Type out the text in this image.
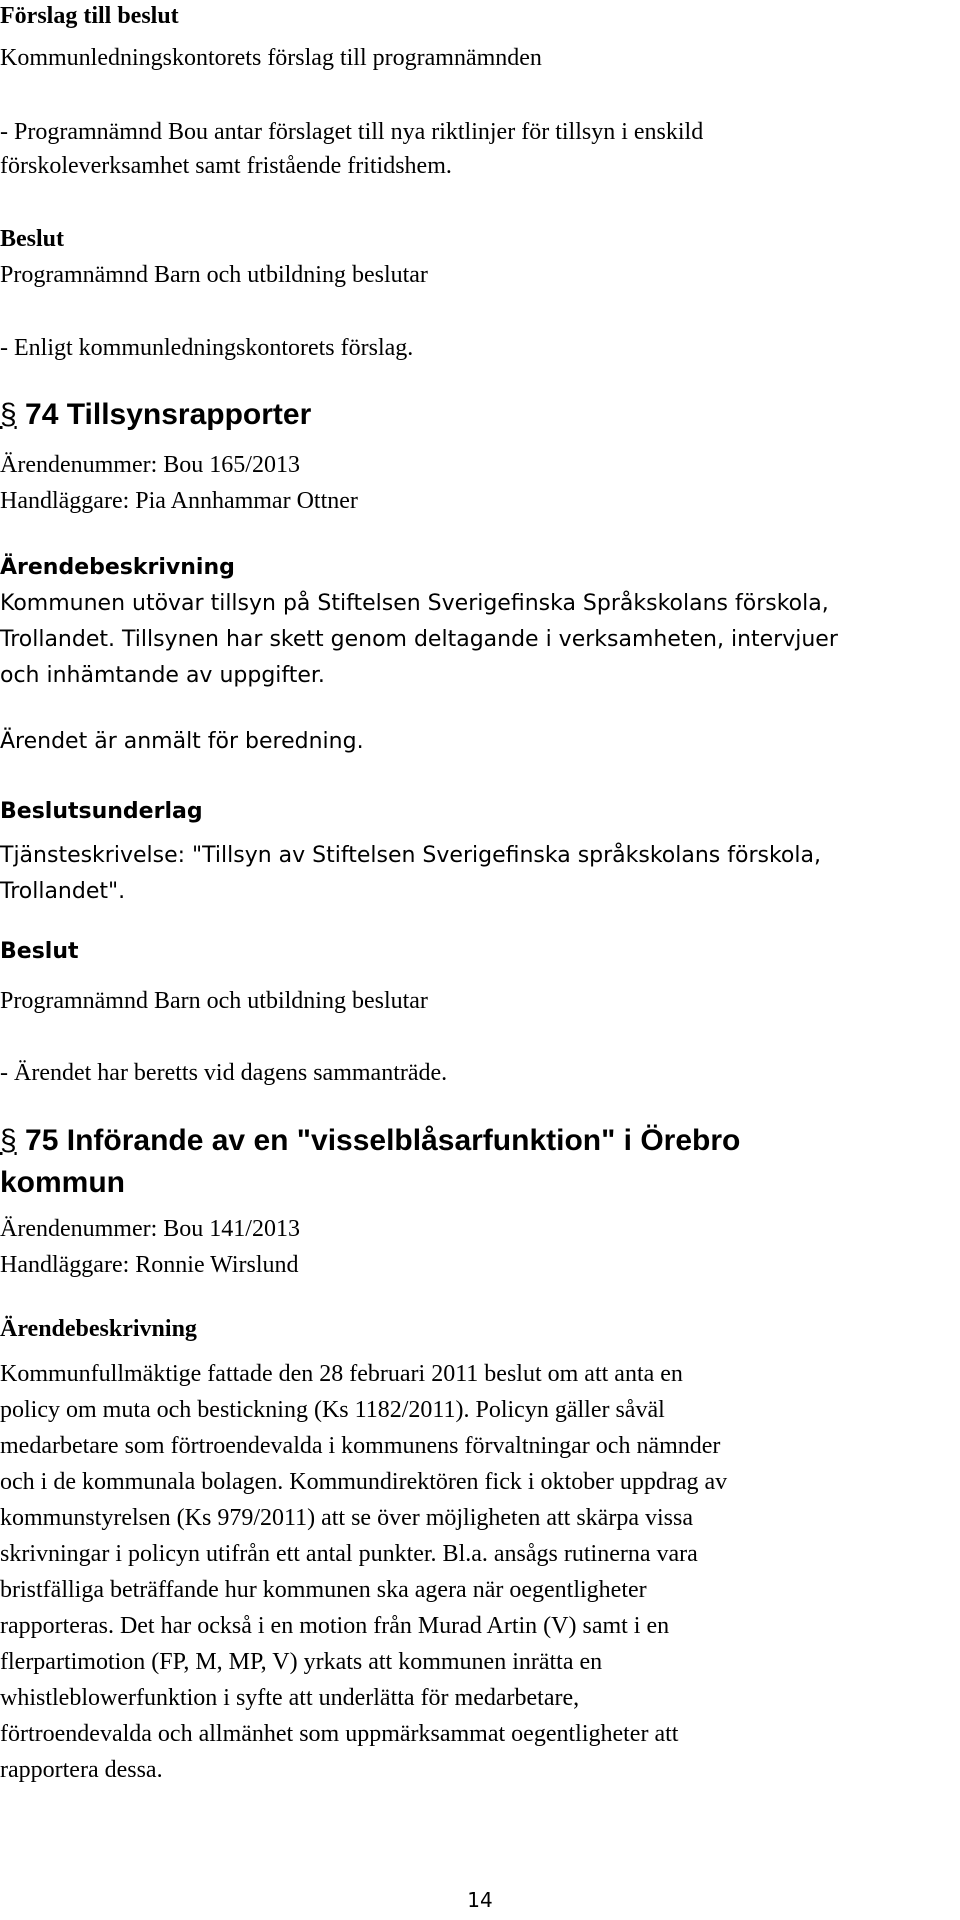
Förslag till beslut
Kommunledningskontorets förslag till programnämnden
- Programnämnd Bou antar förslaget till nya riktlinjer för tillsyn i enskild
förskoleverksamhet samt fristående fritidshem.
Beslut
Programnämnd Barn och utbildning beslutar
- Enligt kommunledningskontorets förslag.
§ 74 Tillsynsrapporter
Ärendenummer: Bou 165/2013
Handläggare: Pia Annhammar Ottner
Ärendebeskrivning
Kommunen utövar tillsyn på Stiftelsen Sverigefinska Språkskolans förskola,
Trollandet. Tillsynen har skett genom deltagande i verksamheten, intervjuer
och inhämtande av uppgifter.
Ärendet är anmält för beredning.
Beslutsunderlag
Tjänsteskrivelse: "Tillsyn av Stiftelsen Sverigefinska språkskolans förskola,
Trollandet".
Beslut
Programnämnd Barn och utbildning beslutar
- Ärendet har beretts vid dagens sammanträde.
§ 75 Införande av en "visselblåsarfunktion" i Örebro
kommun
Ärendenummer: Bou 141/2013
Handläggare: Ronnie Wirslund
Ärendebeskrivning
Kommunfullmäktige fattade den 28 februari 2011 beslut om att anta en
policy om muta och bestickning (Ks 1182/2011). Policyn gäller såväl
medarbetare som förtroendevalda i kommunens förvaltningar och nämnder
och i de kommunala bolagen. Kommundirektören fick i oktober uppdrag av
kommunstyrelsen (Ks 979/2011) att se över möjligheten att skärpa vissa
skrivningar i policyn utifrån ett antal punkter. Bl.a. ansågs rutinerna vara
bristfälliga beträffande hur kommunen ska agera när oegentligheter
rapporteras. Det har också i en motion från Murad Artin (V) samt i en
flerpartimotion (FP, M, MP, V) yrkats att kommunen inrätta en
whistleblowerfunktion i syfte att underlätta för medarbetare,
förtroendevalda och allmänhet som uppmärksammat oegentligheter att
rapportera dessa.
14
